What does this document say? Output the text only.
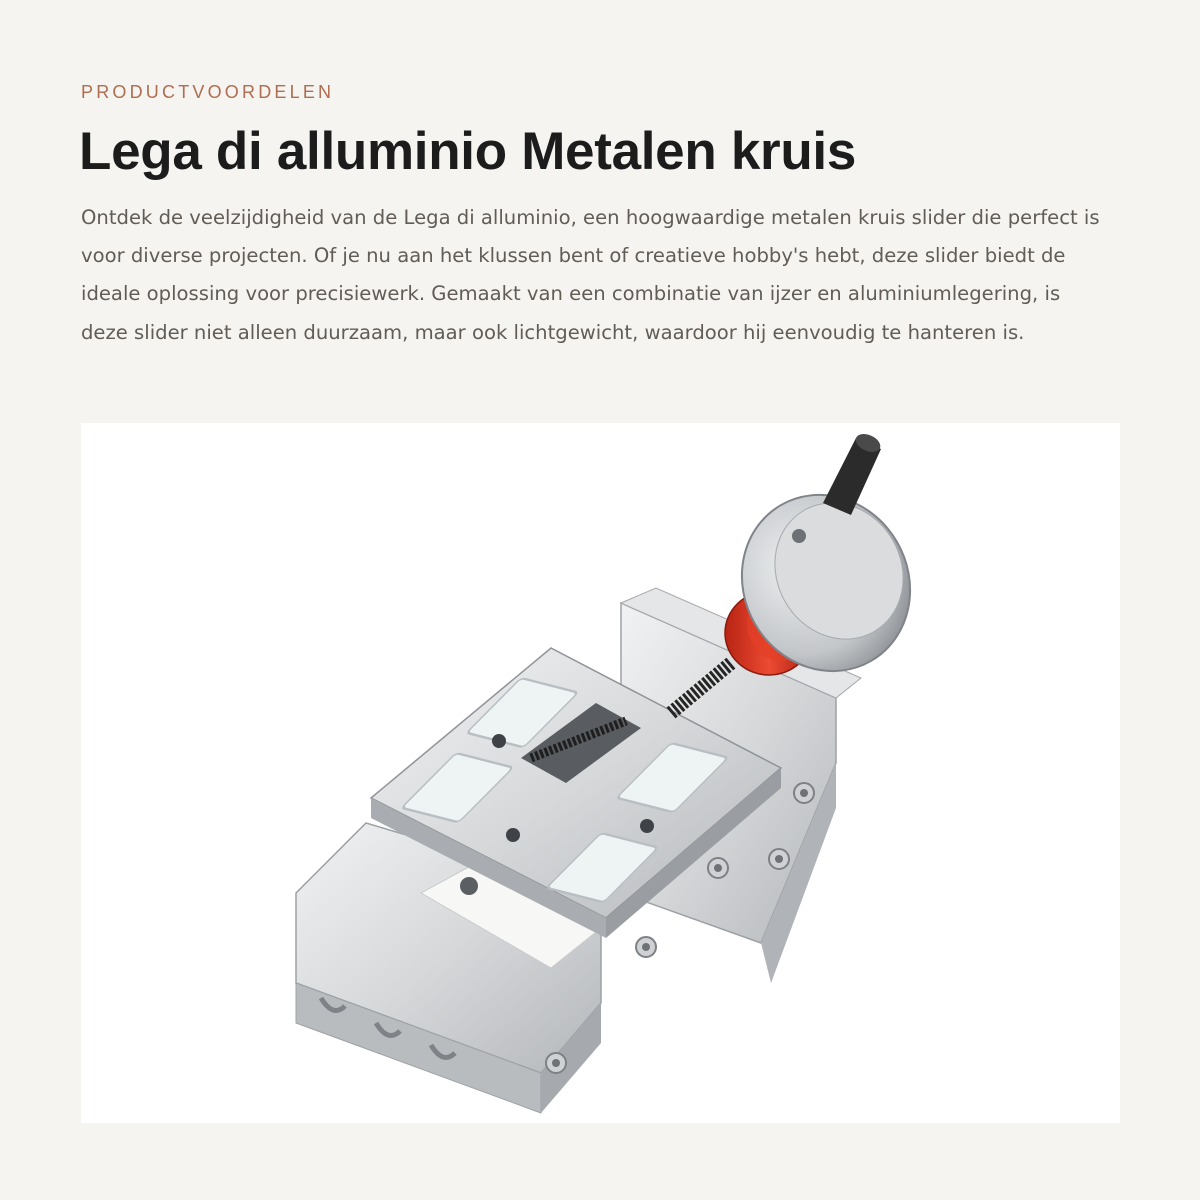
PRODUCTVOORDELEN
Lega di alluminio Metalen kruis

Ontdek de veelzijdigheid van de Lega di alluminio, een hoogwaardige metalen kruis slider die perfect is voor diverse projecten. Of je nu aan het klussen bent of creatieve hobby's hebt, deze slider biedt de ideale oplossing voor precisiewerk. Gemaakt van een combinatie van ijzer en aluminiumlegering, is deze slider niet alleen duurzaam, maar ook lichtgewicht, waardoor hij eenvoudig te hanteren is.
